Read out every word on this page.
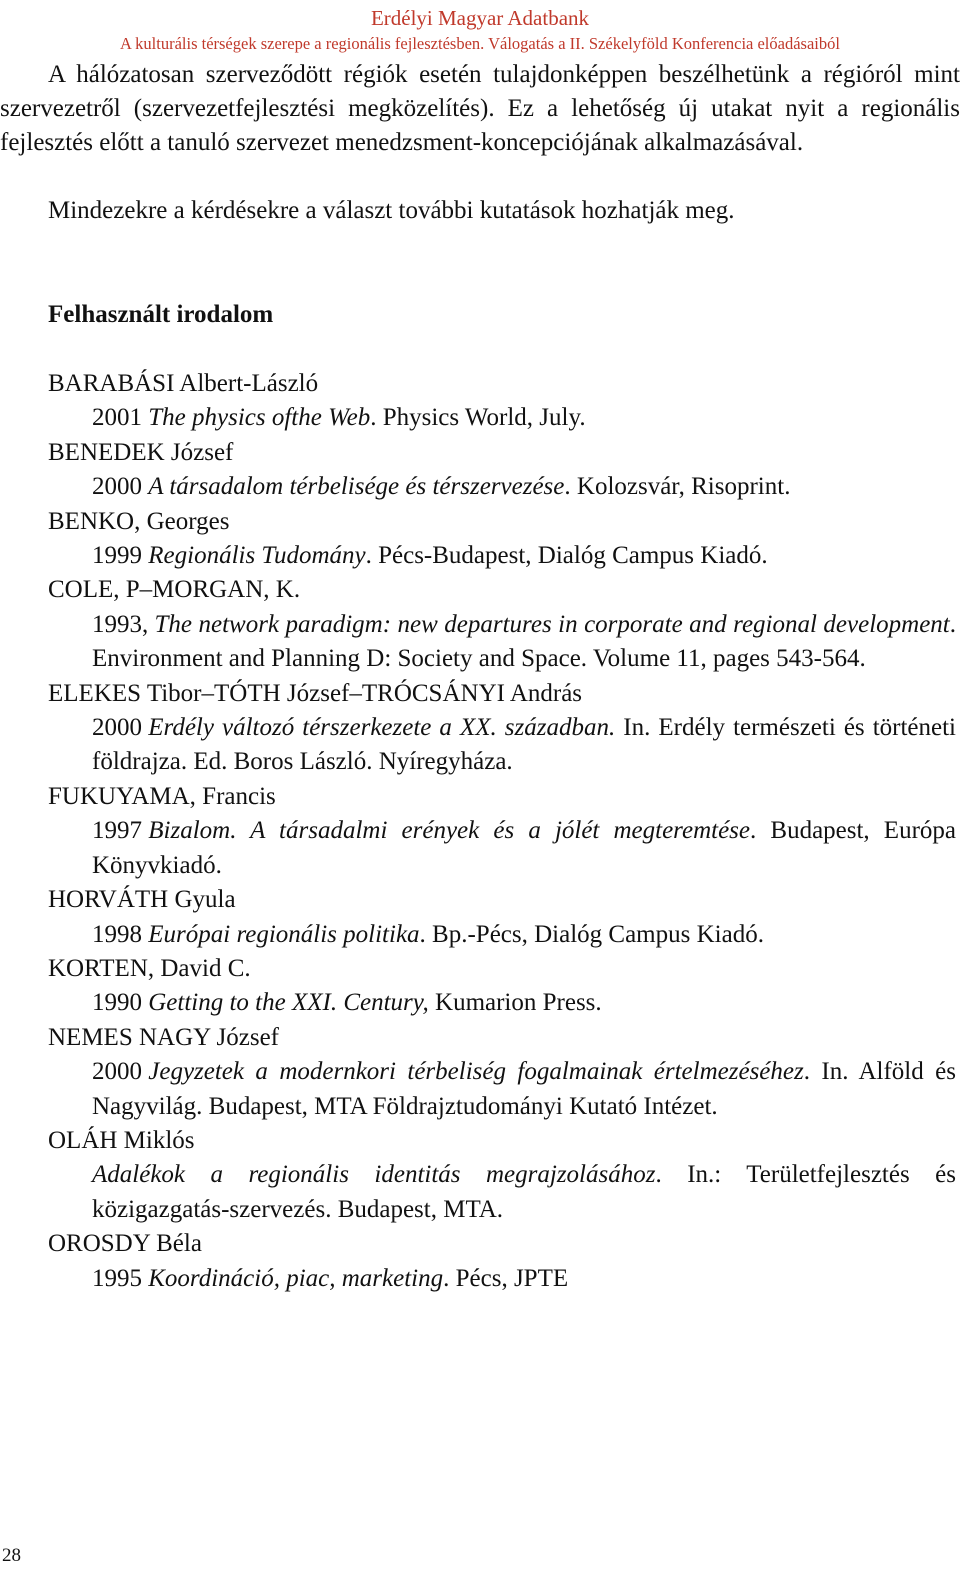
Erdélyi Magyar Adatbank
A kulturális térségek szerepe a regionális fejlesztésben. Válogatás a II. Székelyföld Konferencia előadásaiból
A hálózatosan szerveződött régiók esetén tulajdonképpen beszélhetünk a régióról mint szervezetről (szervezetfejlesztési megközelítés). Ez a lehetőség új utakat nyit a regionális fejlesztés előtt a tanuló szervezet menedzsment-koncepciójának alkalmazásával.
Mindezekre a kérdésekre a választ további kutatások hozhatják meg.
Felhasznált irodalom
BARABÁSI Albert-László
2001 The physics ofthe Web. Physics World, July.
BENEDEK József
2000 A társadalom térbelisége és térszervezése. Kolozsvár, Risoprint.
BENKO, Georges
1999 Regionális Tudomány. Pécs-Budapest, Dialóg Campus Kiadó.
COLE, P–MORGAN, K.
1993, The network paradigm: new departures in corporate and regional development. Environment and Planning D: Society and Space. Volume 11, pages 543-564.
ELEKES Tibor–TÓTH József–TRÓCSÁNYI András
2000 Erdély változó térszerkezete a XX. században. In. Erdély természeti és történeti földrajza. Ed. Boros László. Nyíregyháza.
FUKUYAMA, Francis
1997 Bizalom. A társadalmi erények és a jólét megteremtése. Budapest, Európa Könyvkiadó.
HORVÁTH Gyula
1998 Európai regionális politika. Bp.-Pécs, Dialóg Campus Kiadó.
KORTEN, David C.
1990 Getting to the XXI. Century, Kumarion Press.
NEMES NAGY József
2000 Jegyzetek a modernkori térbeliség fogalmainak értelmezéséhez. In. Alföld és Nagyvilág. Budapest, MTA Földrajztudományi Kutató Intézet.
OLÁH Miklós
Adalékok a regionális identitás megrajzolásához. In.: Területfejlesztés és közigazgatás-szervezés. Budapest, MTA.
OROSDY Béla
1995 Koordináció, piac, marketing. Pécs, JPTE
28
